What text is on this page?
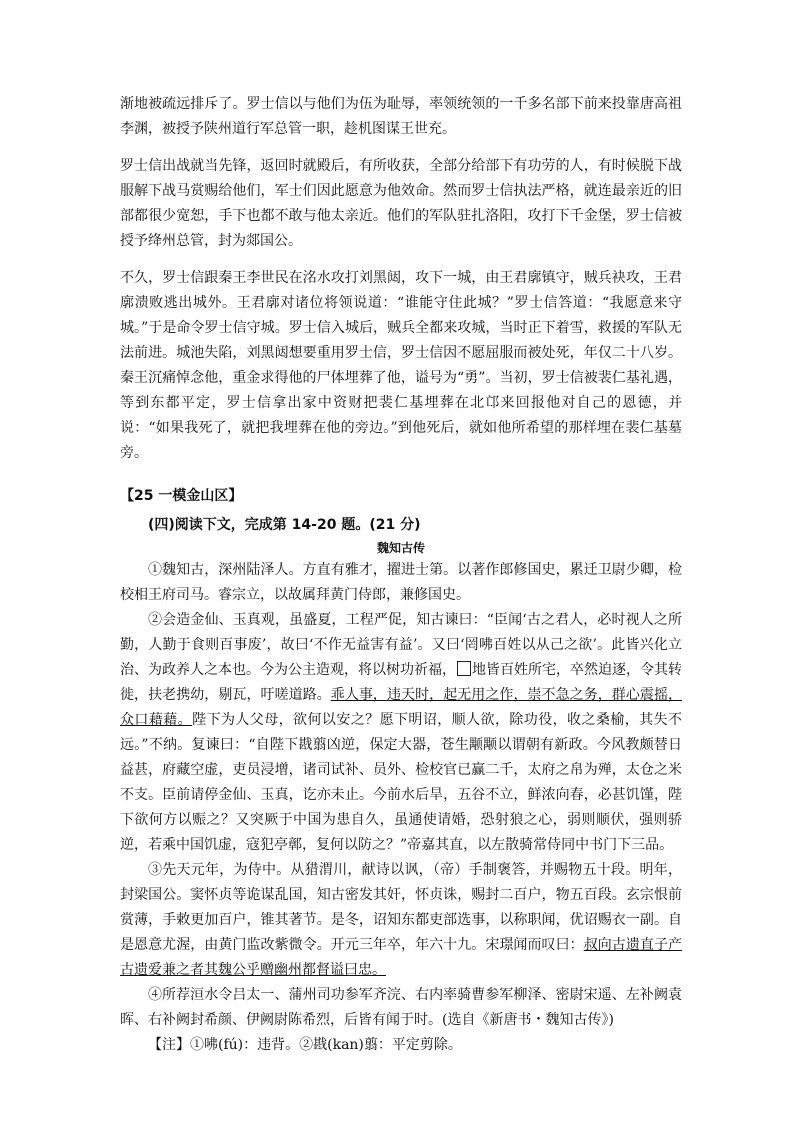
渐地被疏远排斥了。罗士信以与他们为伍为耻辱，率领统领的一千多名部下前来投靠唐高祖李渊，被授予陕州道行军总管一职，趁机图谋王世充。

罗士信出战就当先锋，返回时就殿后，有所收获，全部分给部下有功劳的人，有时候脱下战服解下战马赏赐给他们，军士们因此愿意为他效命。然而罗士信执法严格，就连最亲近的旧部都很少宽恕，手下也都不敢与他太亲近。他们的军队驻扎洛阳，攻打下千金堡，罗士信被授予绛州总管，封为郯国公。

不久，罗士信跟秦王李世民在洺水攻打刘黑闼，攻下一城，由王君廓镇守，贼兵袂攻，王君廓溃败逃出城外。王君廓对诸位将领说道：“谁能守住此城？”罗士信答道：“我愿意来守城。”于是命令罗士信守城。罗士信入城后，贼兵全都来攻城，当时正下着雪，救援的军队无法前进。城池失陷，刘黑闼想要重用罗士信，罗士信因不愿屈服而被处死，年仅二十八岁。秦王沉痛悼念他，重金求得他的尸体埋葬了他，谥号为“勇”。当初，罗士信被裴仁基礼遇，等到东都平定，罗士信拿出家中资财把裴仁基埋葬在北邙来回报他对自己的恩德，并说：“如果我死了，就把我埋葬在他的旁边。”到他死后，就如他所希望的那样埋在裴仁基墓旁。

【25 一模金山区】

(四)阅读下文，完成第 14-20 题。(21 分)

魏知古传

①魏知古，深州陆泽人。方直有雅才，擢进士第。以著作郎修国史，累迁卫尉少卿，检校相王府司马。睿宗立，以故属拜黄门侍郎，兼修国史。

②会造金仙、玉真观，虽盛夏，工程严促，知古谏曰：“臣闻‘古之君人，必时视人之所勤，人勤于食则百事废’，故曰‘不作无益害有益’。又曰‘罔咈百姓以从己之欲’。此皆兴化立治、为政养人之本也。今为公主造观，将以树功祈福， 地皆百姓所宅，卒然迫逐，令其转徙，扶老携幼，剔瓦，吁嗟道路。乖人事，违天时，起无用之作，崇不急之务，群心震摇，众口藉藉。陛下为人父母，欲何以安之？愿下明诏，顺人欲，除功役，收之桑榆，其失不远。”不纳。复谏曰：“自陛下戡翦凶逆，保定大器，苍生颙颙以谓朝有新政。今风教颇替日益甚，府藏空虚，吏员浸增，诸司试补、员外、检校官已赢二千，太府之帛为殚，太仓之米不支。臣前请停金仙、玉真，讫亦未止。今前水后旱，五谷不立，鲜浓向春，必甚饥馑，陛下欲何方以赈之？又突厥于中国为患自久，虽通使请婚，恐射狼之心，弱则顺伏，强则骄逆，若乘中国饥虚，寇犯亭鄣，复何以防之？”帝嘉其直，以左散骑常侍同中书门下三品。

③先天元年，为侍中。从猎渭川，献诗以讽，（帝）手制褒答，并赐物五十段。明年，封梁国公。窦怀贞等诡谋乱国，知古密发其奸，怀贞诛，赐封二百户，物五百段。玄宗恨前赏薄，手敕更加百户，锥其著节。是冬，诏知东都吏部选事，以称职闻，优诏赐衣一副。自是恩意尤渥，由黄门监改紫微令。开元三年卒，年六十九。宋璟闻而叹曰：叔向古遗直子产古遗爱兼之者其魏公乎赠幽州都督谥曰忠。

④所荐洹水令吕太一、蒲州司功参军齐浣、右内率骑曹参军柳泽、密尉宋遥、左补阙袁晖、右补阙封希颜、伊阙尉陈希烈，后皆有闻于时。(选自《新唐书・魏知古传》)

【注】①咈(fú)：违背。②戡(kan)翦：平定剪除。
